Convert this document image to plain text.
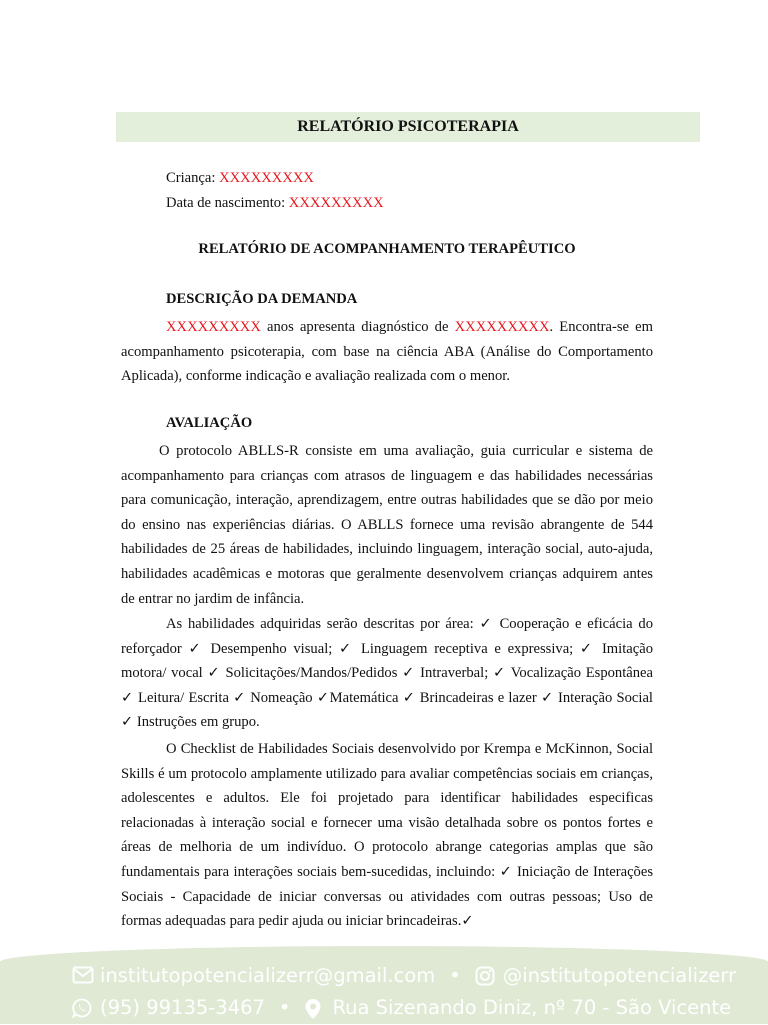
RELATÓRIO PSICOTERAPIA
Criança: XXXXXXXXX
Data de nascimento: XXXXXXXXX
RELATÓRIO DE ACOMPANHAMENTO TERAPÊUTICO
DESCRIÇÃO DA DEMANDA
XXXXXXXXX anos apresenta diagnóstico de XXXXXXXXX. Encontra-se em acompanhamento psicoterapia, com base na ciência ABA (Análise do Comportamento Aplicada), conforme indicação e avaliação realizada com o menor.
AVALIAÇÃO
O protocolo ABLLS-R consiste em uma avaliação, guia curricular e sistema de acompanhamento para crianças com atrasos de linguagem e das habilidades necessárias para comunicação, interação, aprendizagem, entre outras habilidades que se dão por meio do ensino nas experiências diárias. O ABLLS fornece uma revisão abrangente de 544 habilidades de 25 áreas de habilidades, incluindo linguagem, interação social, auto-ajuda, habilidades acadêmicas e motoras que geralmente desenvolvem crianças adquirem antes de entrar no jardim de infância.
As habilidades adquiridas serão descritas por área: ✓ Cooperação e eficácia do reforçador ✓ Desempenho visual; ✓ Linguagem receptiva e expressiva; ✓ Imitação motora/ vocal ✓ Solicitações/Mandos/Pedidos ✓ Intraverbal; ✓ Vocalização Espontânea ✓ Leitura/ Escrita ✓ Nomeação ✓Matemática ✓ Brincadeiras e lazer ✓ Interação Social ✓ Instruções em grupo.
O Checklist de Habilidades Sociais desenvolvido por Krempa e McKinnon, Social Skills é um protocolo amplamente utilizado para avaliar competências sociais em crianças, adolescentes e adultos. Ele foi projetado para identificar habilidades especificas relacionadas à interação social e fornecer uma visão detalhada sobre os pontos fortes e áreas de melhoria de um indivíduo. O protocolo abrange categorias amplas que são fundamentais para interações sociais bem-sucedidas, incluindo: ✓ Iniciação de Interações Sociais - Capacidade de iniciar conversas ou atividades com outras pessoas; Uso de formas adequadas para pedir ajuda ou iniciar brincadeiras.✓
institutopotencializerr@gmail.com • @institutopotencializerr
(95) 99135-3467 • Rua Sizenando Diniz, nº 70 - São Vicente
